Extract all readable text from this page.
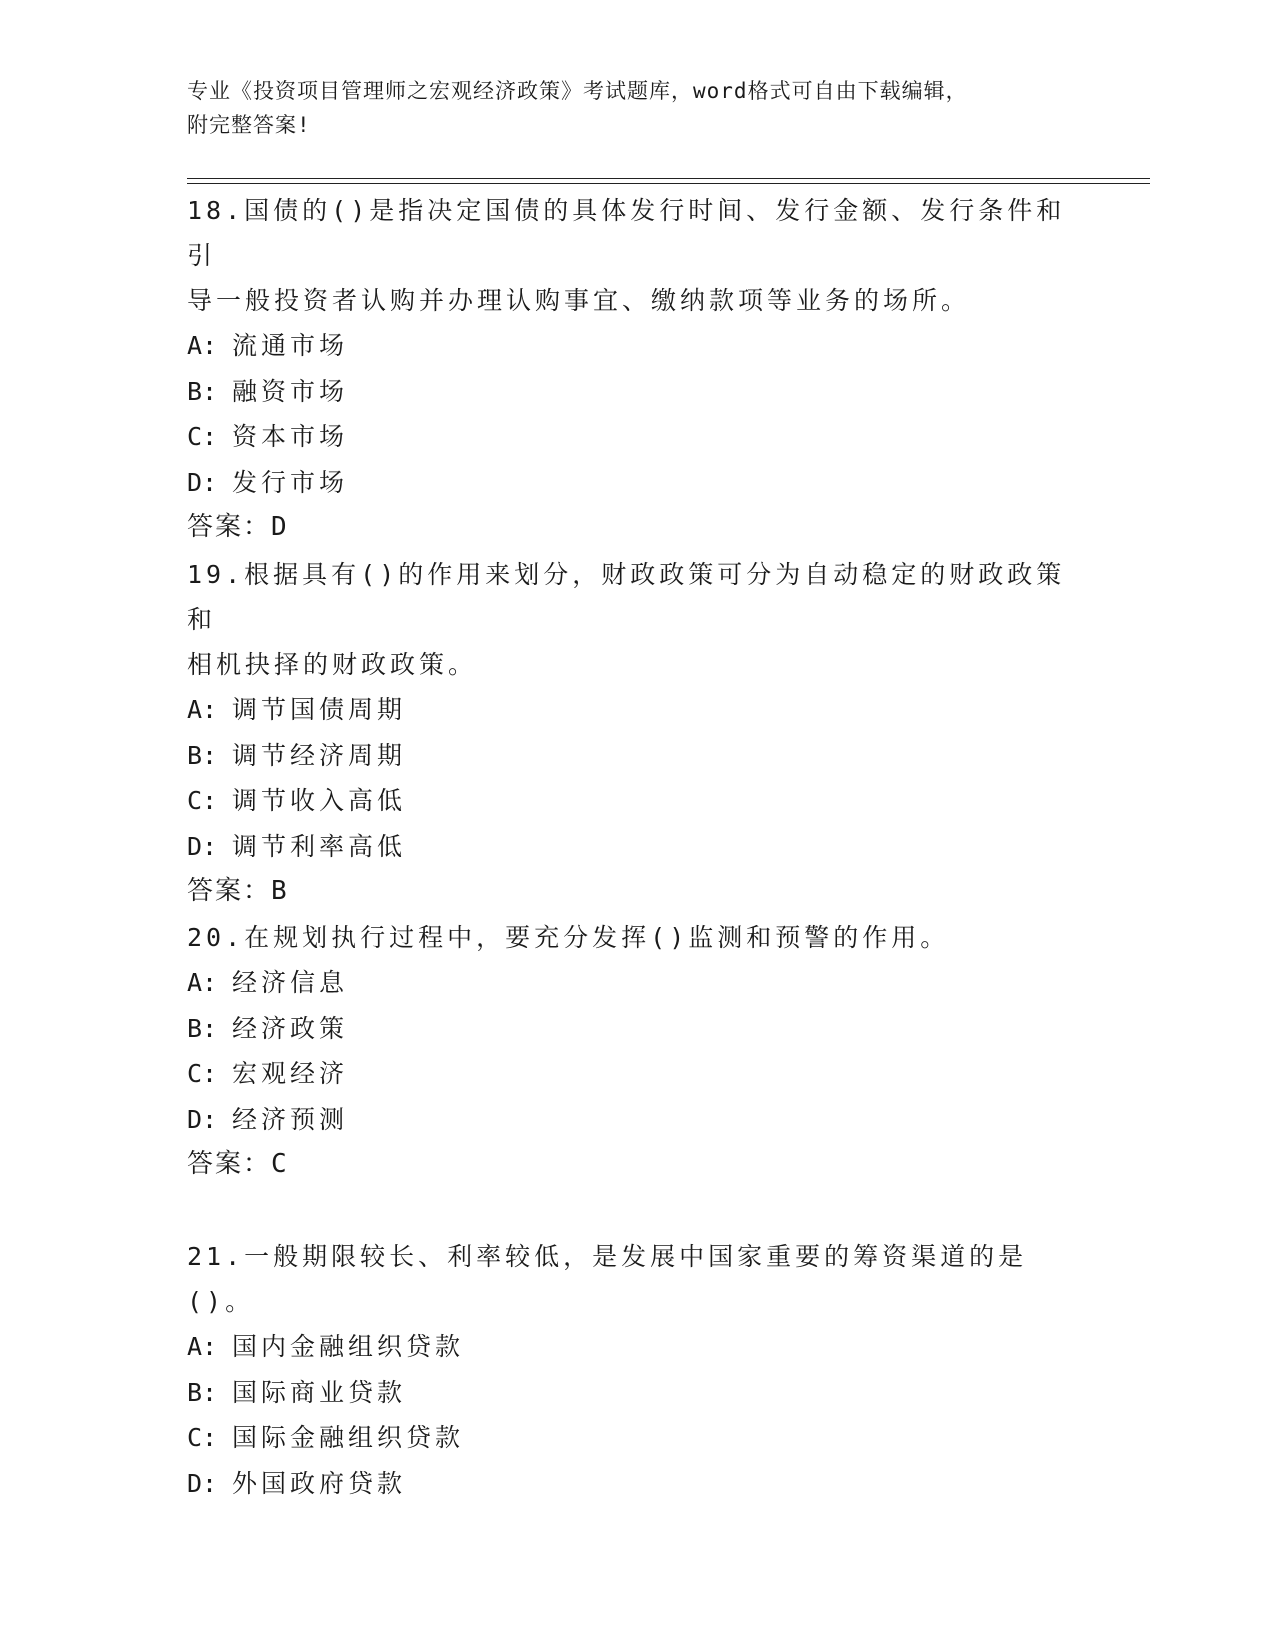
专业《投资项目管理师之宏观经济政策》考试题库，word格式可自由下载编辑，
附完整答案!

18.国债的()是指决定国债的具体发行时间、发行金额、发行条件和引

导一般投资者认购并办理认购事宜、缴纳款项等业务的场所。

A: 流通市场

B: 融资市场

C: 资本市场

D: 发行市场

答案：D

19.根据具有()的作用来划分，财政政策可分为自动稳定的财政政策和

相机抉择的财政政策。

A: 调节国债周期

B: 调节经济周期

C: 调节收入高低

D: 调节利率高低

答案：B

20.在规划执行过程中，要充分发挥()监测和预警的作用。

A: 经济信息

B: 经济政策

C: 宏观经济

D: 经济预测

答案：C

21.一般期限较长、利率较低，是发展中国家重要的筹资渠道的是()。

A: 国内金融组织贷款

B: 国际商业贷款

C: 国际金融组织贷款

D: 外国政府贷款
